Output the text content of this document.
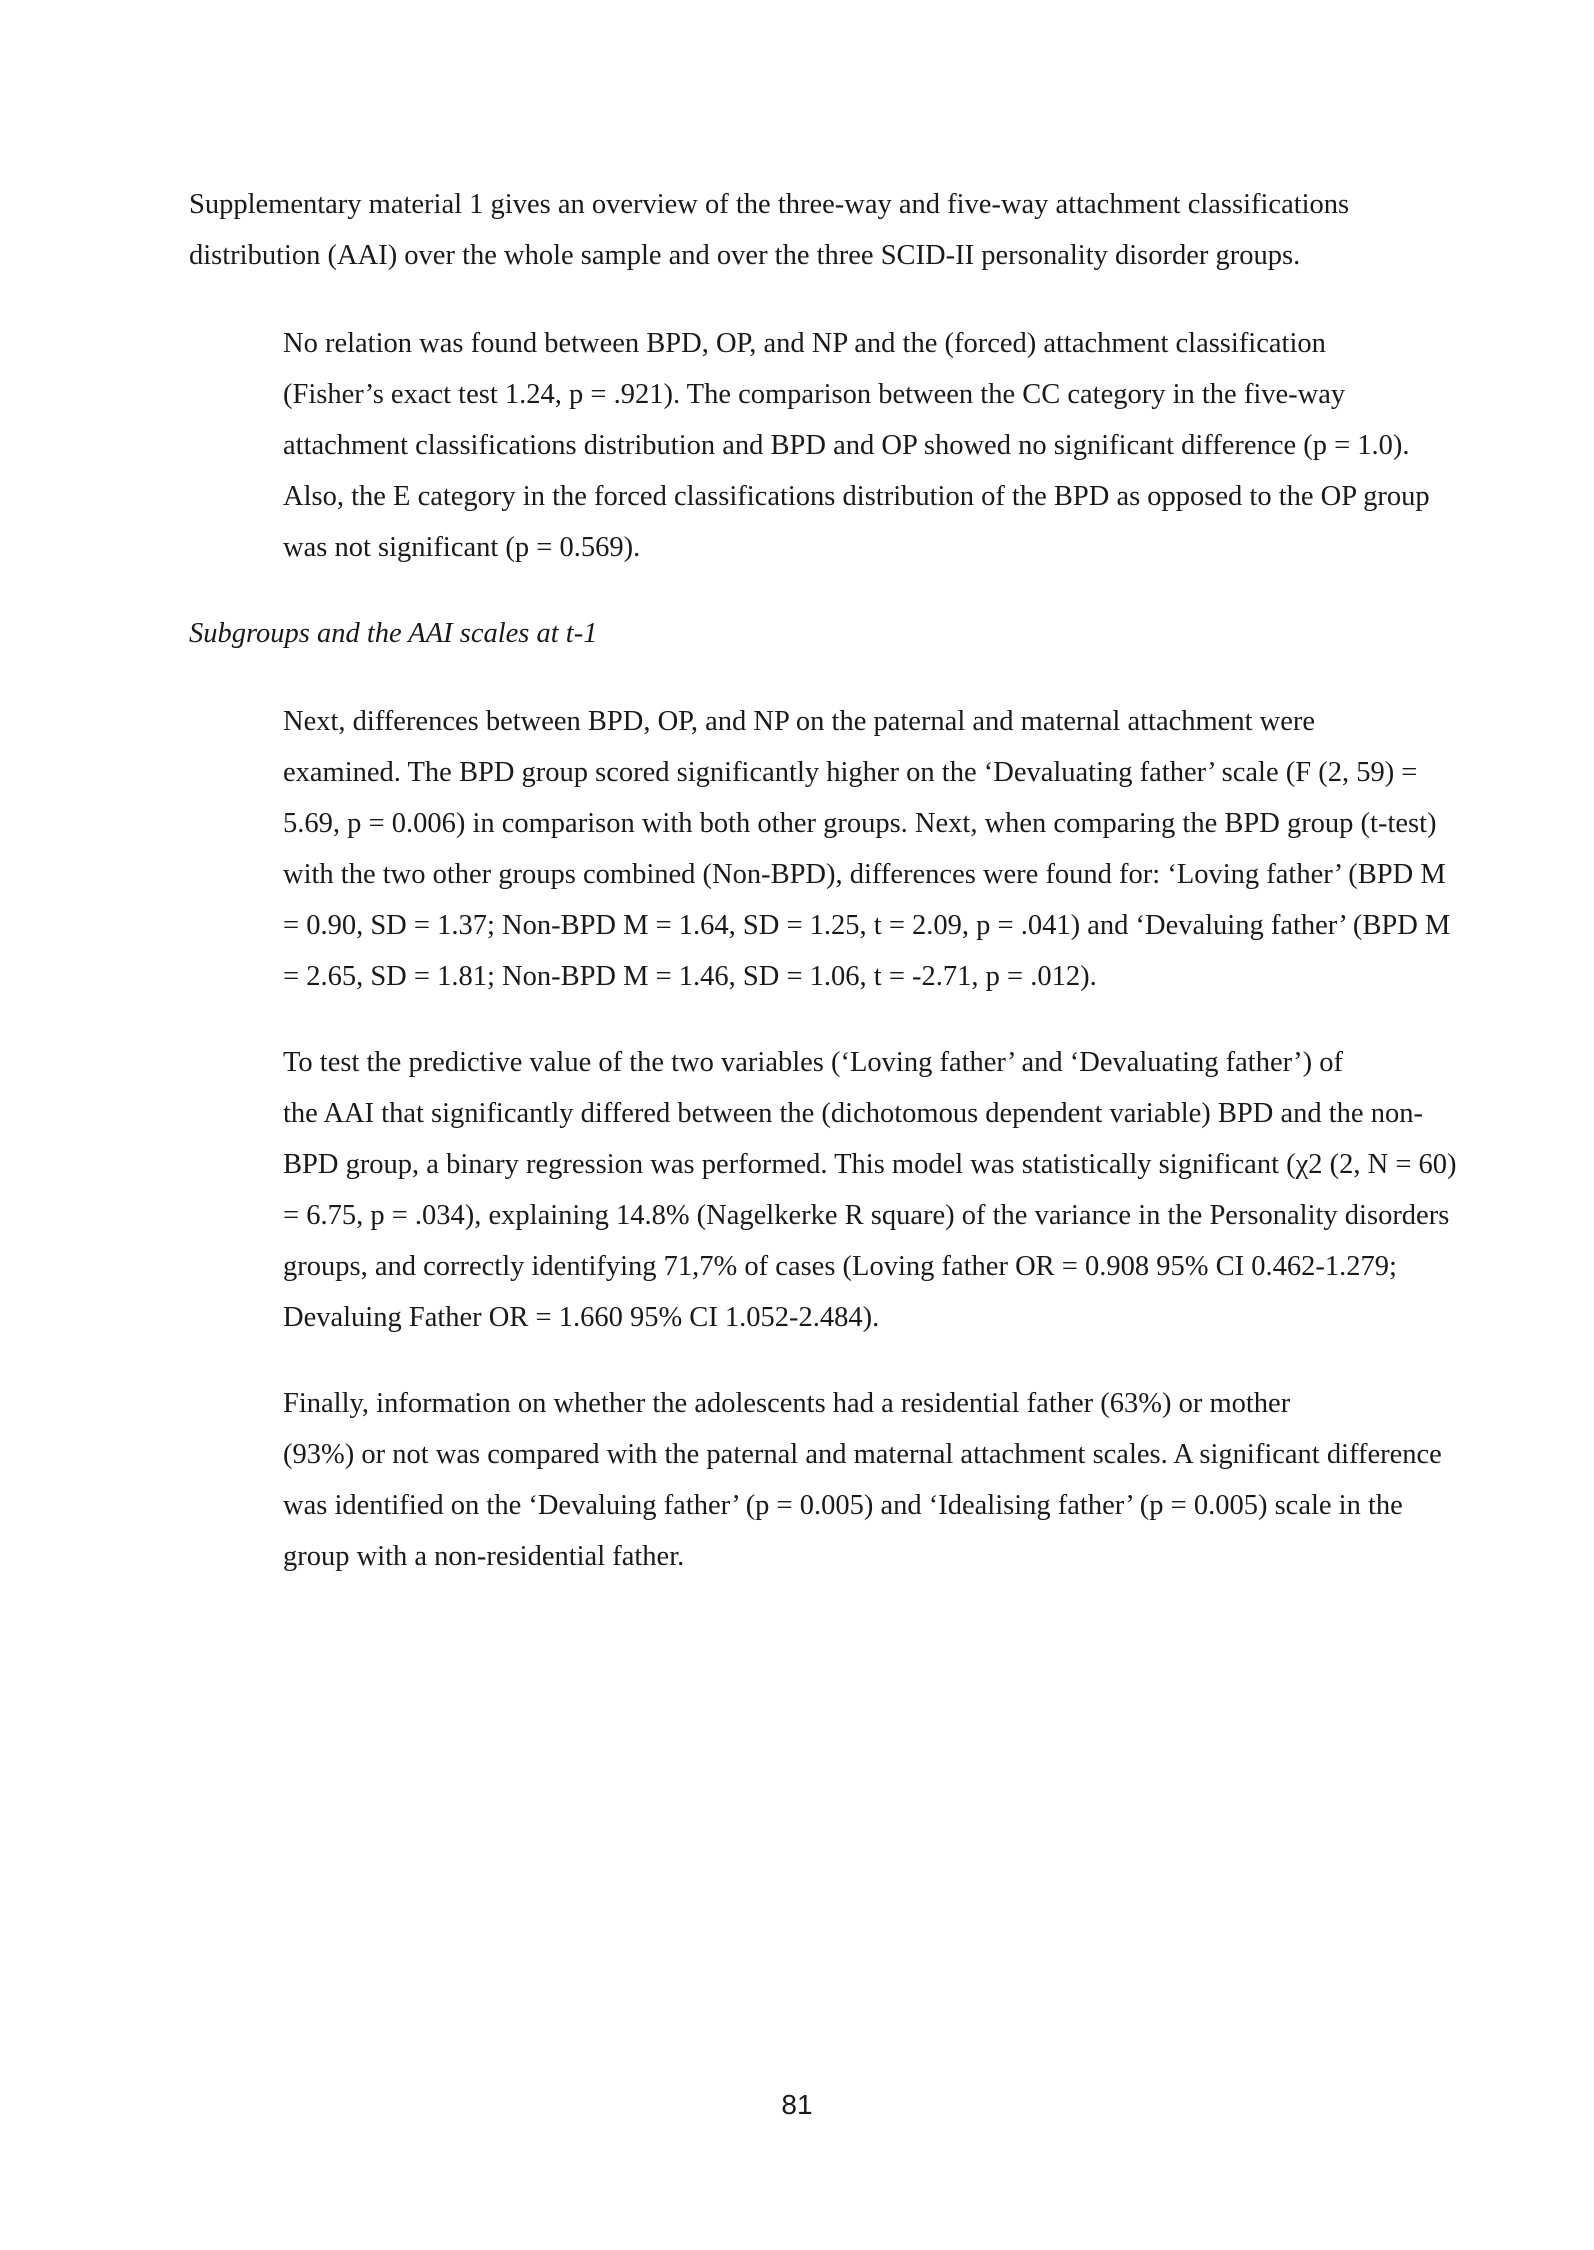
Supplementary material 1 gives an overview of the three-way and five-way attachment classifications
distribution (AAI) over the whole sample and over the three SCID-II personality disorder groups.

No relation was found between BPD, OP, and NP and the (forced) attachment classification
(Fisher’s exact test 1.24, p = .921). The comparison between the CC category in the five-way
attachment classifications distribution and BPD and OP showed no significant difference (p = 1.0).
Also, the E category in the forced classifications distribution of the BPD as opposed to the OP group
was not significant (p = 0.569).

Subgroups and the AAI scales at t-1

Next, differences between BPD, OP, and NP on the paternal and maternal attachment were
examined. The BPD group scored significantly higher on the ‘Devaluating father’ scale (F (2, 59) =
5.69, p = 0.006) in comparison with both other groups. Next, when comparing the BPD group (t-test)
with the two other groups combined (Non-BPD), differences were found for: ‘Loving father’ (BPD M
= 0.90, SD = 1.37; Non-BPD M = 1.64, SD = 1.25, t = 2.09, p = .041) and ‘Devaluing father’ (BPD M
= 2.65, SD = 1.81; Non-BPD M = 1.46, SD = 1.06, t = -2.71, p = .012).

To test the predictive value of the two variables (‘Loving father’ and ‘Devaluating father’) of
the AAI that significantly differed between the (dichotomous dependent variable) BPD and the non-
BPD group, a binary regression was performed. This model was statistically significant (χ2 (2, N = 60)
= 6.75, p = .034), explaining 14.8% (Nagelkerke R square) of the variance in the Personality disorders
groups, and correctly identifying 71,7% of cases (Loving father OR = 0.908 95% CI 0.462-1.279;
Devaluing Father OR = 1.660 95% CI 1.052-2.484).

Finally, information on whether the adolescents had a residential father (63%) or mother
(93%) or not was compared with the paternal and maternal attachment scales. A significant difference
was identified on the ‘Devaluing father’ (p = 0.005) and ‘Idealising father’ (p = 0.005) scale in the
group with a non-residential father.

81
